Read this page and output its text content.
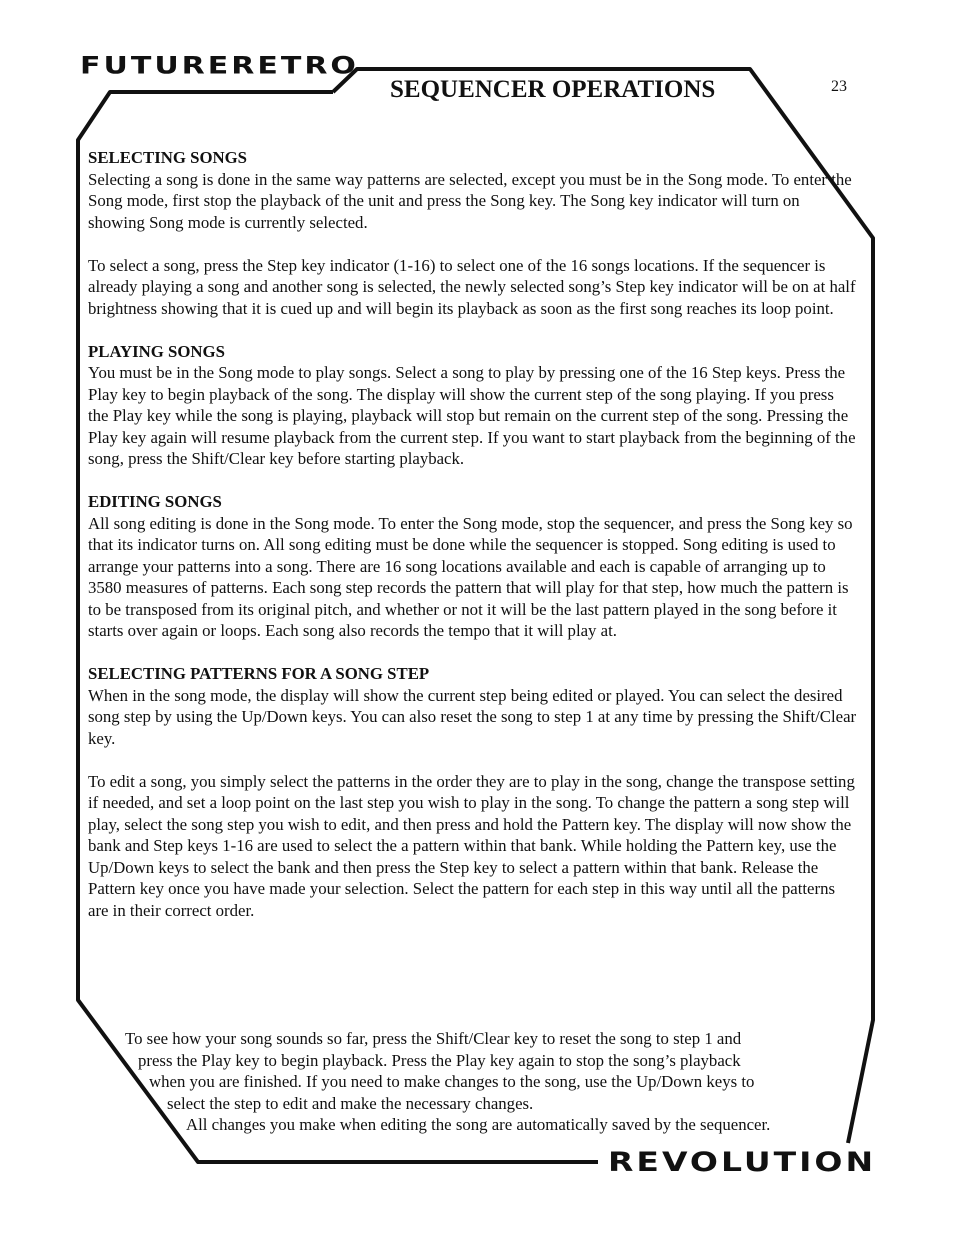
FUTURERETRO
SEQUENCER OPERATIONS	23
SELECTING SONGS

Selecting a song is done in the same way patterns are selected, except you must be in the Song mode. To enter the Song mode, first stop the playback of the unit and press the Song key. The Song key indicator will turn on showing Song mode is currently selected.

To select a song, press the Step key indicator (1-16) to select one of the 16 songs locations. If the sequencer is already playing a song and another song is selected, the newly selected song’s Step key indicator will be on at half brightness showing that it is cued up and will begin its playback as soon as the first song reaches its loop point.

PLAYING SONGS

You must be in the Song mode to play songs. Select a song to play by pressing one of the 16 Step keys. Press the Play key to begin playback of the song. The display will show the current step of the song playing. If you press the Play key while the song is playing, playback will stop but remain on the current step of the song. Pressing the Play key again will resume playback from the current step. If you want to start playback from the beginning of the song, press the Shift/Clear key before starting playback.

EDITING SONGS

All song editing is done in the Song mode. To enter the Song mode, stop the sequencer, and press the Song key so that its indicator turns on. All song editing must be done while the sequencer is stopped. Song editing is used to arrange your patterns into a song. There are 16 song locations available and each is capable of arranging up to 3580 measures of patterns. Each song step records the pattern that will play for that step, how much the pattern is to be transposed from its original pitch, and whether or not it will be the last pattern played in the song before it starts over again or loops. Each song also records the tempo that it will play at.

SELECTING PATTERNS FOR A SONG STEP

When in the song mode, the display will show the current step being edited or played. You can select the desired song step by using the Up/Down keys. You can also reset the song to step 1 at any time by pressing the Shift/Clear key.

To edit a song, you simply select the patterns in the order they are to play in the song, change the transpose setting if needed, and set a loop point on the last step you wish to play in the song. To change the pattern a song step will play, select the song step you wish to edit, and then press and hold the Pattern key. The display will now show the bank and Step keys 1-16 are used to select the a pattern within that bank. While holding the Pattern key, use the Up/Down keys to select the bank and then press the Step key to select a pattern within that bank. Release the Pattern key once you have made your selection. Select the pattern for each step in this way until all the patterns are in their correct order.

To see how your song sounds so far, press the Shift/Clear key to reset the song to step 1 and
press the Play key to begin playback. Press the Play key again to stop the song’s playback
when you are finished. If you need to make changes to the song, use the Up/Down keys to
select the step to edit and make the necessary changes.
All changes you make when editing the song are automatically saved by the sequencer.
REVOLUTION
